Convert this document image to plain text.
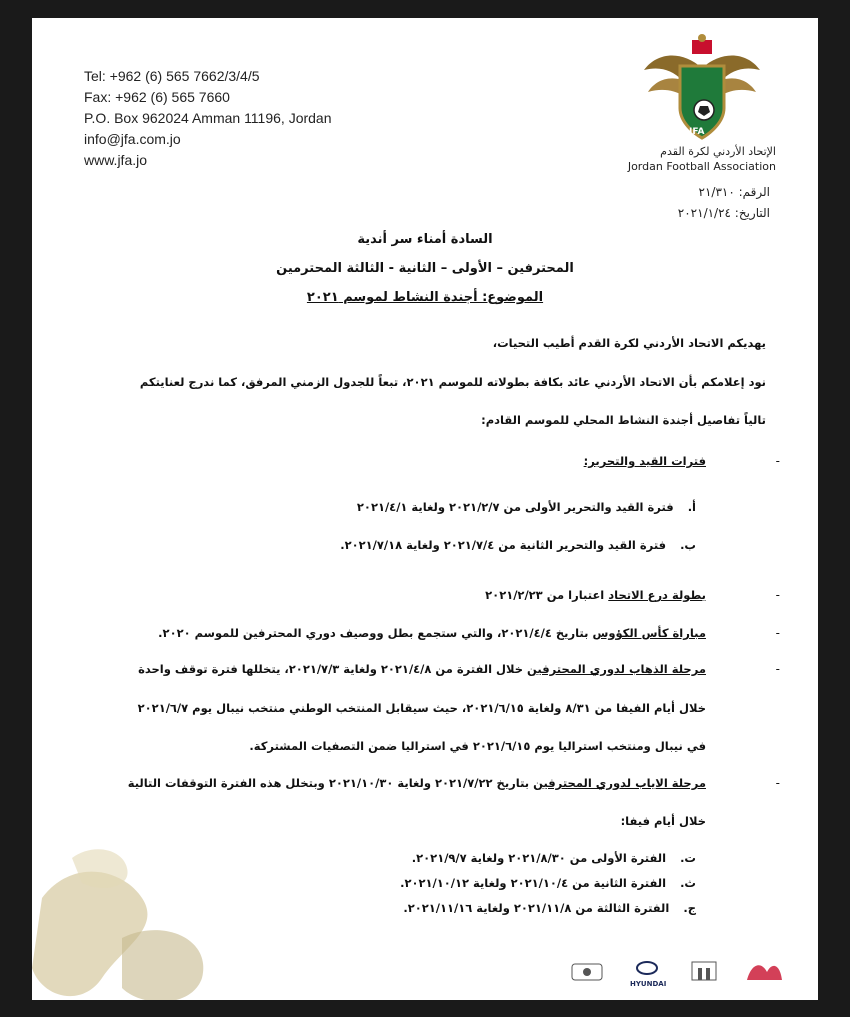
Tel: +962 (6) 565 7662/3/4/5
Fax: +962 (6) 565 7660
P.O. Box 962024 Amman 11196, Jordan
info@jfa.com.jo
www.jfa.jo
JFA
الإتحاد الأردني لكرة القدم
Jordan Football Association
الرقم: ٢١/٣١٠
التاريخ: ٢٠٢١/١/٢٤
السادة أمناء سر أندية
المحترفين – الأولى – الثانية - الثالثة المحترمين
الموضوع: أجندة النشاط لموسم ٢٠٢١
يهديكم الاتحاد الأردني لكرة القدم أطيب التحيات،
نود إعلامكم بأن الاتحاد الأردني عائد بكافة بطولاته للموسم ٢٠٢١، تبعاً للجدول الزمني المرفق، كما ندرج لعنايتكم
تالياً تفاصيل أجندة النشاط المحلي للموسم القادم:
-
فترات القيد والتحرير:
أ. فترة القيد والتحرير الأولى من ٢٠٢١/٢/٧ ولغاية ٢٠٢١/٤/١
ب. فترة القيد والتحرير الثانية من ٢٠٢١/٧/٤ ولغاية ٢٠٢١/٧/١٨.
-
بطولة درع الاتحاد اعتبارا من ٢٠٢١/٢/٢٣
-
مباراة كأس الكؤوس بتاريخ ٢٠٢١/٤/٤، والتي ستجمع بطل ووصيف دوري المحترفين للموسم ٢٠٢٠.
-
مرحلة الذهاب لدوري المحترفين خلال الفترة من ٢٠٢١/٤/٨ ولغاية ٢٠٢١/٧/٣، يتخللها فترة توقف واحدة
خلال أيام الفيفا من ٨/٣١ ولغاية ٢٠٢١/٦/١٥، حيث سيقابل المنتخب الوطني منتخب نيبال يوم ٢٠٢١/٦/٧
في نيبال ومنتخب استراليا يوم ٢٠٢١/٦/١٥ في استراليا ضمن التصفيات المشتركة.
-
مرحلة الاياب لدوري المحترفين بتاريخ ٢٠٢١/٧/٢٢ ولغاية ٢٠٢١/١٠/٣٠ وبتخلل هذه الفترة التوقفات التالية
خلال أيام فيفا:
ت. الفترة الأولى من ٢٠٢١/٨/٣٠ ولغاية ٢٠٢١/٩/٧.
ث. الفترة الثانية من ٢٠٢١/١٠/٤ ولغاية ٢٠٢١/١٠/١٢.
ج. الفترة الثالثة من ٢٠٢١/١١/٨ ولغاية ٢٠٢١/١١/١٦.
HYUNDAI
